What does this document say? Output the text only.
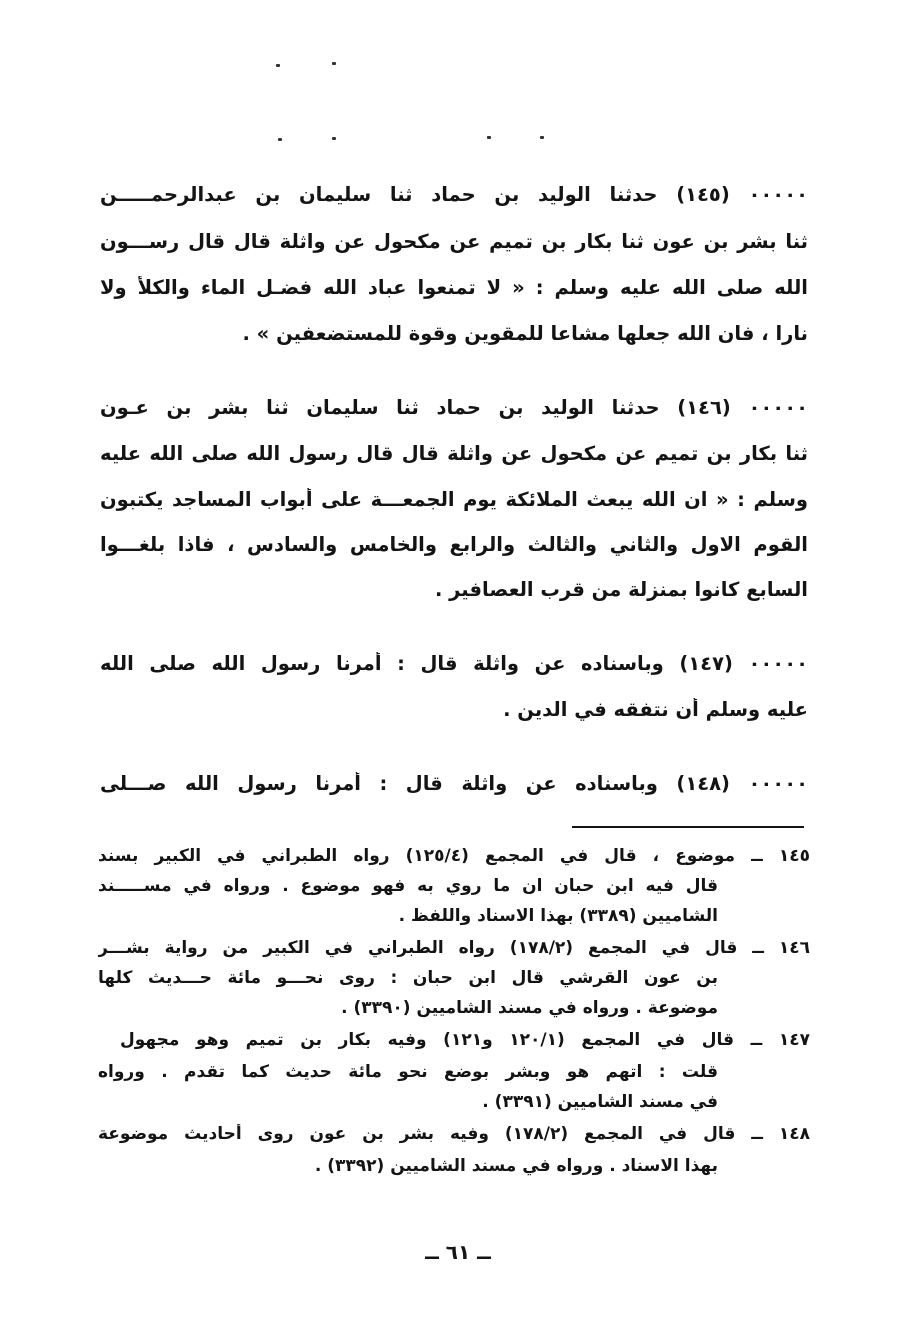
٠٠٠٠٠ (١٤٥) حدثنا الوليد بن حماد ثنا سليمان بن عبدالرحمـــــن
ثنا بشر بن عون ثنا بكار بن تميم عن مكحول عن واثلة قال قال رســـون
الله صلى الله عليه وسلم : « لا تمنعوا عباد الله فضـل الماء والكلأ ولا
نارا ، فان الله جعلها مشاعا للمقوين وقوة للمستضعفين » .
٠٠٠٠٠ (١٤٦) حدثنا الوليد بن حماد ثنا سليمان ثنا بشر بن عـون
ثنا بكار بن تميم عن مكحول عن واثلة قال قال رسول الله صلى الله عليه
وسلم : « ان الله يبعث الملائكة يوم الجمعـــة على أبواب المساجد يكتبون
القوم الاول والثاني والثالث والرابع والخامس والسادس ، فاذا بلغـــوا
السابع كانوا بمنزلة من قرب العصافير .
٠٠٠٠٠ (١٤٧) وباسناده عن واثلة قال : أمرنا رسول الله صلى الله
عليه وسلم أن نتفقه في الدين .
٠٠٠٠٠ (١٤٨) وباسناده عن واثلة قال : أمرنا رسول الله صـــلى
١٤٥ ــ موضوع ، قال في المجمع (١٢٥/٤) رواه الطبراني في الكبير بسند
قال فيه ابن حبان ان ما روي به فهو موضوع . ورواه في مســـــند
الشاميين (٣٣٨٩) بهذا الاسناد واللفظ .
١٤٦ ــ قال في المجمع (١٧٨/٢) رواه الطبراني في الكبير من رواية بشـــر
بن عون القرشي قال ابن حبان : روى نحـــو مائة حـــديث كلها
موضوعة . ورواه في مسند الشاميين (٣٣٩٠) .
١٤٧ ــ قال في المجمع (١٢٠/١ و١٢١) وفيه بكار بن تميم وهو مجهول
قلت : اتهم هو وبشر بوضع نحو مائة حديث كما تقدم . ورواه
في مسند الشاميين (٣٣٩١) .
١٤٨ ــ قال في المجمع (١٧٨/٢) وفيه بشر بن عون روى أحاديث موضوعة
بهذا الاسناد . ورواه في مسند الشاميين (٣٣٩٢) .
ــ ٦١ ــ
